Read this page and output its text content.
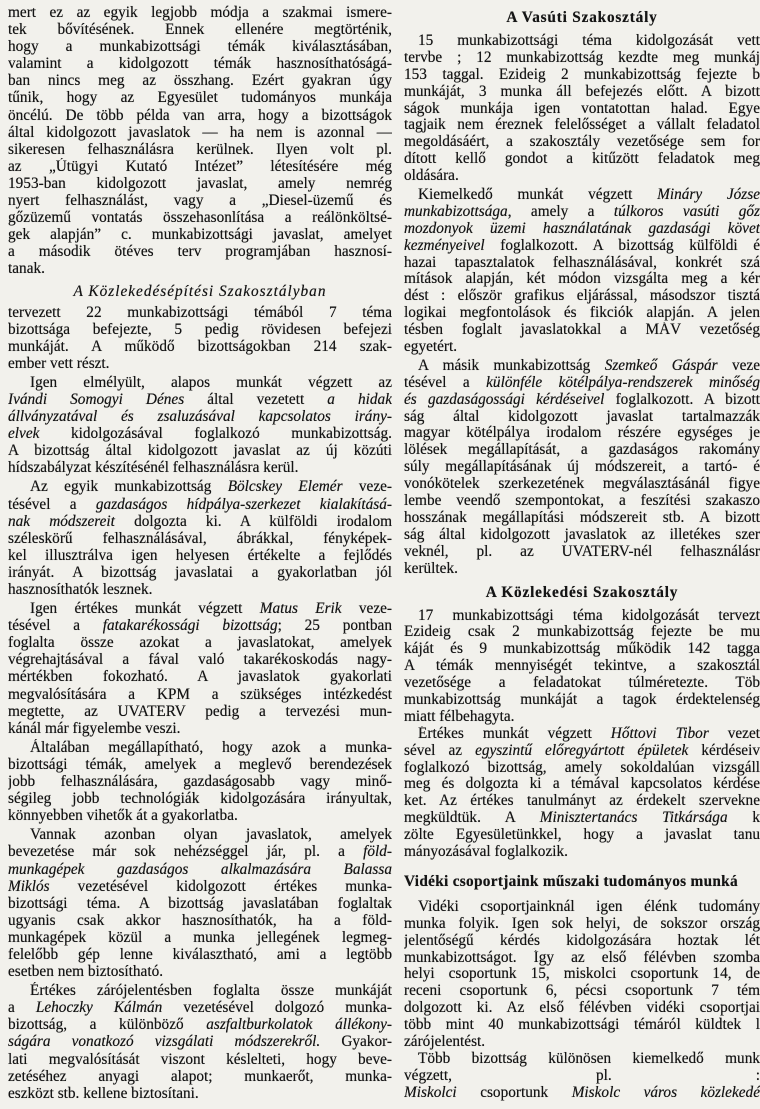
mert ez az egyik legjobb módja a szakmai ismere-
tek bővítésének. Ennek ellenére megtörténik,
hogy a munkabizottsági témák kiválasztásában,
valamint a kidolgozott témák hasznosíthatóságá-
ban nincs meg az összhang. Ezért gyakran úgy
tűnik, hogy az Egyesület tudományos munkája
öncélú. De több példa van arra, hogy a bizottságok
által kidolgozott javaslatok — ha nem is azonnal —
sikeresen felhasználásra kerülnek. Ilyen volt pl.
az „Útügyi Kutató Intézet” létesítésére még
1953-ban kidolgozott javaslat, amely nemrég
nyert felhasználást, vagy a „Diesel-üzemű és
gőzüzemű vontatás összehasonlítása a reálönköltsé-
gek alapján” c. munkabizottsági javaslat, amelyet
a második ötéves terv programjában hasznosí-
tanak.
A Közlekedésépítési Szakosztályban
tervezett 22 munkabizottsági témából 7 téma
bizottsága befejezte, 5 pedig rövidesen befejezi
munkáját. A működő bizottságokban 214 szak-
ember vett részt.
Igen elmélyült, alapos munkát végzett az
Ivándi Somogyi Dénes által vezetett a hidak
állványzatával és zsaluzásával kapcsolatos irány-
elvek kidolgozásával foglalkozó munkabizottság.
A bizottság által kidolgozott javaslat az új közúti
hídszabályzat készítésénél felhasználásra kerül.
Az egyik munkabizottság Bölcskey Elemér veze-
tésével a gazdaságos hídpálya-szerkezet kialakításá-
nak módszereit dolgozta ki. A külföldi irodalom
széleskörű felhasználásával, ábrákkal, fényképek-
kel illusztrálva igen helyesen értékelte a fejlődés
irányát. A bizottság javaslatai a gyakorlatban jól
hasznosíthatók lesznek.
Igen értékes munkát végzett Matus Erik veze-
tésével a fatakarékossági bizottság; 25 pontban
foglalta össze azokat a javaslatokat, amelyek
végrehajtásával a fával való takarékoskodás nagy-
mértékben fokozható. A javaslatok gyakorlati
megvalósítására a KPM a szükséges intézkedést
megtette, az UVATERV pedig a tervezési mun-
kánál már figyelembe veszi.
Általában megállapítható, hogy azok a munka-
bizottsági témák, amelyek a meglevő berendezések
jobb felhasználására, gazdaságosabb vagy minő-
ségileg jobb technológiák kidolgozására irányultak,
könnyebben vihetők át a gyakorlatba.
Vannak azonban olyan javaslatok, amelyek
bevezetése már sok nehézséggel jár, pl. a föld-
munkagépek gazdaságos alkalmazására Balassa
Miklós vezetésével kidolgozott értékes munka-
bizottsági téma. A bizottság javaslatában foglaltak
ugyanis csak akkor hasznosíthatók, ha a föld-
munkagépek közül a munka jellegének legmeg-
felelőbb gép lenne kiválasztható, ami a legtöbb
esetben nem biztosítható.
Értékes zárójelentésben foglalta össze munkáját
a Lehoczky Kálmán vezetésével dolgozó munka-
bizottság, a különböző aszfaltburkolatok állékony-
ságára vonatkozó vizsgálati módszerekről. Gyakor-
lati megvalósítását viszont késlelteti, hogy beve-
zetéséhez anyagi alapot; munkaerőt, munka-
eszközt stb. kellene biztosítani.
A Vasúti Szakosztály
15 munkabizottsági téma kidolgozását vett
tervbe ; 12 munkabizottság kezdte meg munkáj
153 taggal. Ezideig 2 munkabizottság fejezte b
munkáját, 3 munka áll befejezés előtt. A bizott
ságok munkája igen vontatottan halad. Egye
tagjaik nem éreznek felelősséget a vállalt feladatol
megoldásáért, a szakosztály vezetősége sem for
dított kellő gondot a kitűzött feladatok meg
oldására.
Kiemelkedő munkát végzett Mináry Józse
munkabizottsága, amely a túlkoros vasúti gőz
mozdonyok üzemi használatának gazdasági követ
kezményeivel foglalkozott. A bizottság külföldi é
hazai tapasztalatok felhasználásával, konkrét szá
mítások alapján, két módon vizsgálta meg a kér
dést : először grafikus eljárással, másodszor tisztá
logikai megfontolások és fikciók alapján. A jelen
tésben foglalt javaslatokkal a MÁV vezetőség
egyetért.
A másik munkabizottság Szemkeő Gáspár veze
tésével a különféle kötélpálya-rendszerek minőség
és gazdaságossági kérdéseivel foglalkozott. A bizott
ság által kidolgozott javaslat tartalmazzák
magyar kötélpálya irodalom részére egységes je
lölések megállapítását, a gazdaságos rakomány
súly megállapításának új módszereit, a tartó- é
vonókötelek szerkezetének megválasztásánál figye
lembe veendő szempontokat, a feszítési szakaszo
hosszának megállapítási módszereit stb. A bizott
ság által kidolgozott javaslatok az illetékes szer
veknél, pl. az UVATERV-nél felhasználásr
kerültek.
A Közlekedési Szakosztály
17 munkabizottsági téma kidolgozását tervezt
Ezideig csak 2 munkabizottság fejezte be mu
káját és 9 munkabizottság működik 142 tagga
A témák mennyiségét tekintve, a szakosztál
vezetősége a feladatokat túlméretezte. Töb
munkabizottság munkáját a tagok érdektelenség
miatt félbehagyta.
Értékes munkát végzett Hőttovi Tibor vezet
sével az egyszintű előregyártott épületek kérdéseiv
foglalkozó bizottság, amely sokoldalúan vizsgáll
meg és dolgozta ki a témával kapcsolatos kérdése
ket. Az értékes tanulmányt az érdekelt szervekne
megküldtük. A Minisztertanács Titkársága k
zölte Egyesületünkkel, hogy a javaslat tanu
mányozásával foglalkozik.
Vidéki csoportjaink műszaki tudományos munká
Vidéki csoportjainknál igen élénk tudomány
munka folyik. Igen sok helyi, de sokszor ország
jelentőségű kérdés kidolgozására hoztak lét
munkabizottságot. Így az első félévben szomba
helyi csoportunk 15, miskolci csoportunk 14, de
receni csoportunk 6, pécsi csoportunk 7 tém
dolgozott ki. Az első félévben vidéki csoportjai
több mint 40 munkabizottsági témáról küldtek l
zárójelentést.
Több bizottság különösen kiemelkedő munk
végzett, pl. :
Miskolci csoportunk Miskolc város közlekedé
